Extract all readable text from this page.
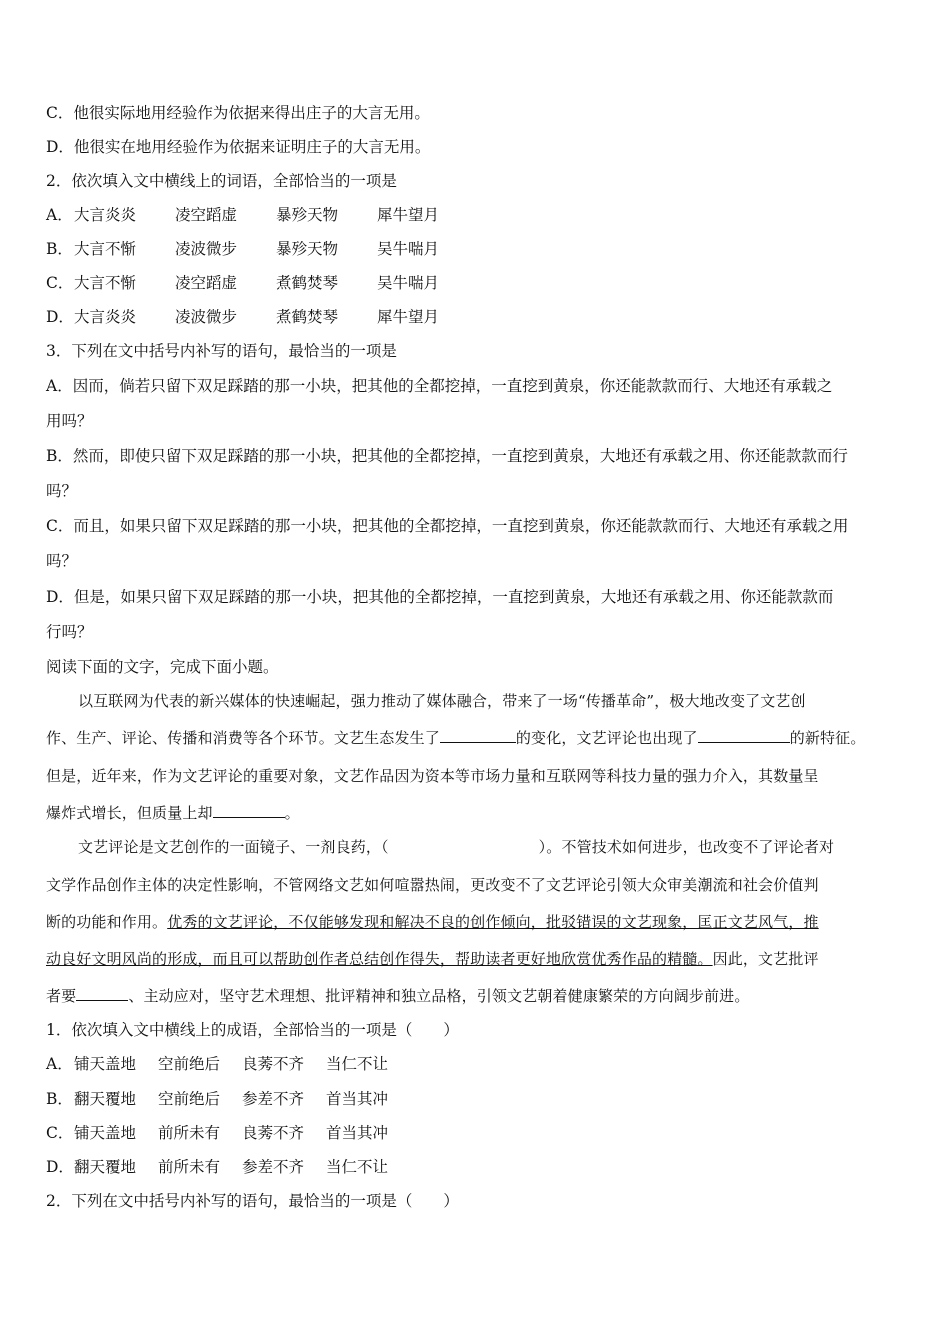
C．他很实际地用经验作为依据来得出庄子的大言无用。
D．他很实在地用经验作为依据来证明庄子的大言无用。
2．依次填入文中横线上的词语，全部恰当的一项是
A．大言炎炎	凌空蹈虚	暴殄天物	犀牛望月
B．大言不惭	凌波微步	暴殄天物	吴牛喘月
C．大言不惭	凌空蹈虚	煮鹤焚琴	吴牛喘月
D．大言炎炎	凌波微步	煮鹤焚琴	犀牛望月
3．下列在文中括号内补写的语句，最恰当的一项是
A．因而，倘若只留下双足踩踏的那一小块，把其他的全都挖掉，一直挖到黄泉，你还能款款而行、大地还有承载之
用吗？
B．然而，即使只留下双足踩踏的那一小块，把其他的全都挖掉，一直挖到黄泉，大地还有承载之用、你还能款款而行
吗？
C．而且，如果只留下双足踩踏的那一小块，把其他的全都挖掉，一直挖到黄泉，你还能款款而行、大地还有承载之用
吗？
D．但是，如果只留下双足踩踏的那一小块，把其他的全都挖掉，一直挖到黄泉，大地还有承载之用、你还能款款而
行吗？
阅读下面的文字，完成下面小题。
以互联网为代表的新兴媒体的快速崛起，强力推动了媒体融合，带来了一场“传播革命”，极大地改变了文艺创
作、生产、评论、传播和消费等各个环节。文艺生态发生了	的变化，文艺评论也出现了	的新特征。
但是，近年来，作为文艺评论的重要对象，文艺作品因为资本等市场力量和互联网等科技力量的强力介入，其数量呈
爆炸式增长，但质量上却	。
文艺评论是文艺创作的一面镜子、一剂良药，（	）。不管技术如何进步，也改变不了评论者对
文学作品创作主体的决定性影响，不管网络文艺如何喧嚣热闹，更改变不了文艺评论引领大众审美潮流和社会价值判
断的功能和作用。优秀的文艺评论，不仅能够发现和解决不良的创作倾向，批驳错误的文艺现象，匡正文艺风气，推
动良好文明风尚的形成，而且可以帮助创作者总结创作得失，帮助读者更好地欣赏优秀作品的精髓。因此，文艺批评
者要	、主动应对，坚守艺术理想、批评精神和独立品格，引领文艺朝着健康繁荣的方向阔步前进。
1．依次填入文中横线上的成语，全部恰当的一项是（　　）
A．铺天盖地 空前绝后 良莠不齐 当仁不让
B．翻天覆地 空前绝后 参差不齐 首当其冲
C．铺天盖地 前所未有 良莠不齐 首当其冲
D．翻天覆地 前所未有 参差不齐 当仁不让
2．下列在文中括号内补写的语句，最恰当的一项是（　　）
